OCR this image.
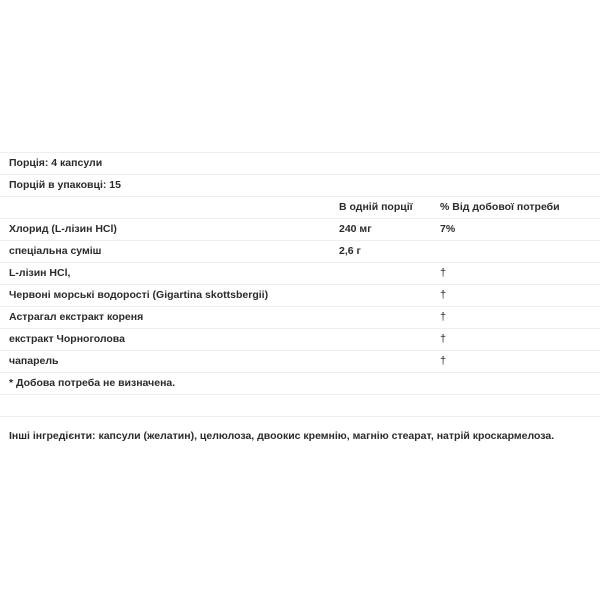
Порція: 4 капсули		
Порцій в упаковці: 15		
	В одній порції	% Від добової потреби
Хлорид (L-лізин HCl)	240 мг	7%
спеціальна суміш	2,6 г	
L-лізин HCl,		†
Червоні морські водорості (Gigartina skottsbergii)		†
Астрагал екстракт кореня		†
екстракт Чорноголова		†
чапарель		†
* Добова потреба не визначена.		

Інші інгредієнти: капсули (желатин), целюлоза, двоокис кремнію, магнію стеарат, натрій кроскармелоза.
